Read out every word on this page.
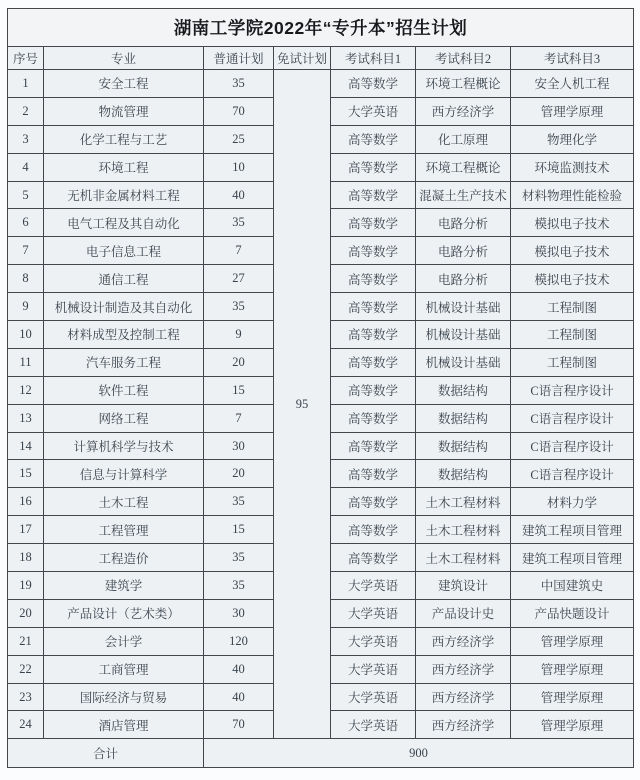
湖南工学院2022年“专升本”招生计划						
序号	专业	普通计划	免试计划	考试科目1	考试科目2	考试科目3
1	安全工程	35	95	高等数学	环境工程概论	安全人机工程
2	物流管理	70		大学英语	西方经济学	管理学原理
3	化学工程与工艺	25		高等数学	化工原理	物理化学
4	环境工程	10		高等数学	环境工程概论	环境监测技术
5	无机非金属材料工程	40		高等数学	混凝土生产技术	材料物理性能检验
6	电气工程及其自动化	35		高等数学	电路分析	模拟电子技术
7	电子信息工程	7		高等数学	电路分析	模拟电子技术
8	通信工程	27		高等数学	电路分析	模拟电子技术
9	机械设计制造及其自动化	35		高等数学	机械设计基础	工程制图
10	材料成型及控制工程	9		高等数学	机械设计基础	工程制图
11	汽车服务工程	20		高等数学	机械设计基础	工程制图
12	软件工程	15		高等数学	数据结构	C语言程序设计
13	网络工程	7		高等数学	数据结构	C语言程序设计
14	计算机科学与技术	30		高等数学	数据结构	C语言程序设计
15	信息与计算科学	20		高等数学	数据结构	C语言程序设计
16	土木工程	35		高等数学	土木工程材料	材料力学
17	工程管理	15		高等数学	土木工程材料	建筑工程项目管理
18	工程造价	35		高等数学	土木工程材料	建筑工程项目管理
19	建筑学	35		大学英语	建筑设计	中国建筑史
20	产品设计（艺术类）	30		大学英语	产品设计史	产品快题设计
21	会计学	120		大学英语	西方经济学	管理学原理
22	工商管理	40		大学英语	西方经济学	管理学原理
23	国际经济与贸易	40		大学英语	西方经济学	管理学原理
24	酒店管理	70		大学英语	西方经济学	管理学原理
合计		900				
